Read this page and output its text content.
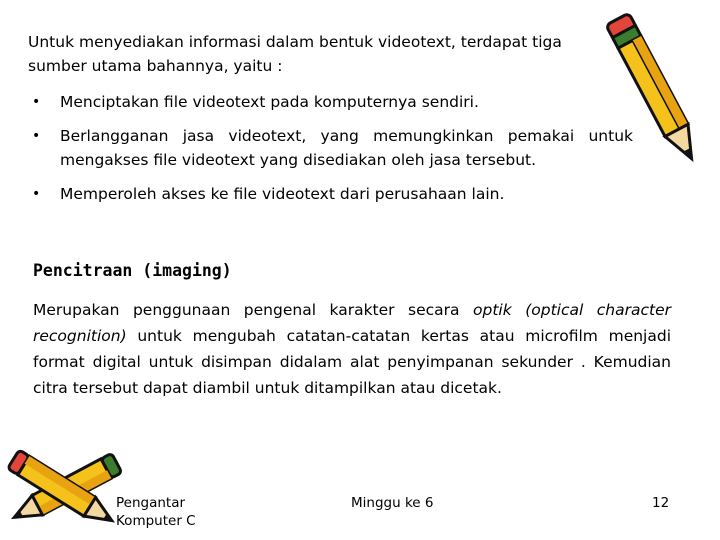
Untuk menyediakan informasi dalam bentuk videotext, terdapat tiga sumber utama bahannya, yaitu :

• Menciptakan file videotext pada komputernya sendiri.
• Berlangganan jasa videotext, yang memungkinkan pemakai untuk mengakses file videotext yang disediakan oleh jasa tersebut.
• Memperoleh akses ke file videotext dari perusahaan lain.
Pencitraan (imaging)

Merupakan penggunaan pengenal karakter secara optik (optical character recognition) untuk mengubah catatan-catatan kertas atau microfilm menjadi format digital untuk disimpan didalam alat penyimpanan sekunder . Kemudian citra tersebut dapat diambil untuk ditampilkan atau dicetak.

Pengantar
Komputer C
Minggu ke 6	12
